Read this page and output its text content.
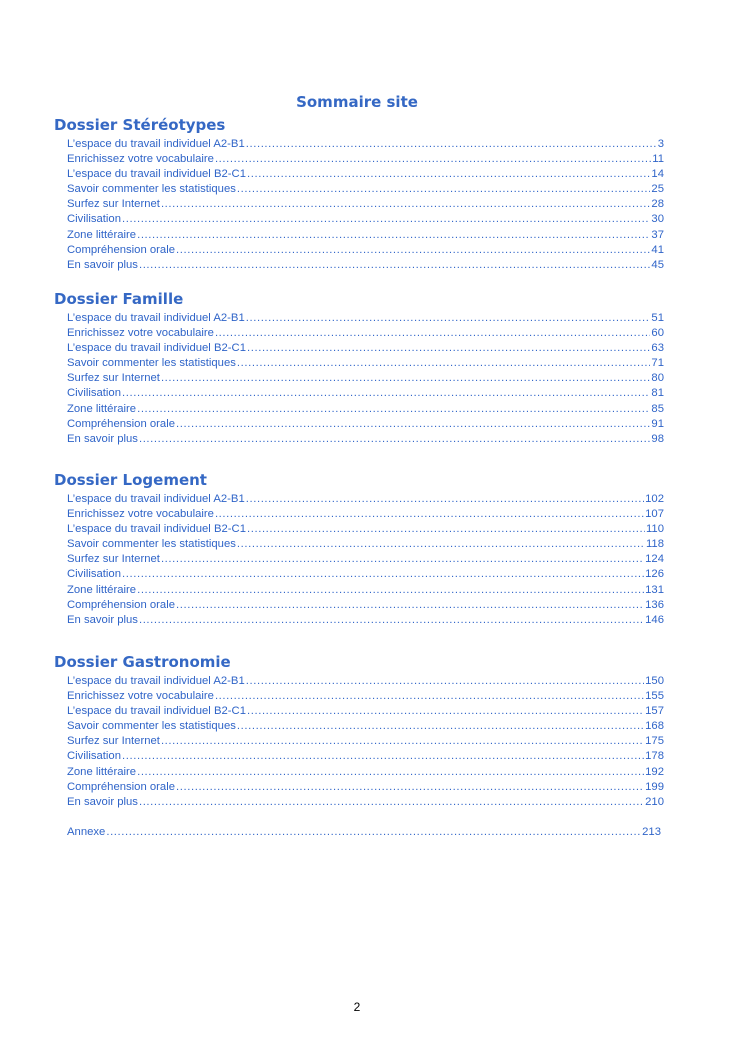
Sommaire site
Dossier Stéréotypes
L’espace du travail individuel A2-B1 .....	3
Enrichissez votre vocabulaire .....	11
L’espace du travail individuel B2-C1 .....	14
Savoir commenter les statistiques .....	25
Surfez sur Internet .....	28
Civilisation .....	30
Zone littéraire .....	37
Compréhension orale .....	41
En savoir plus .....	45
Dossier Famille
L’espace du travail individuel A2-B1 .....	51
Enrichissez votre vocabulaire .....	60
L’espace du travail individuel B2-C1 .....	63
Savoir commenter les statistiques .....	71
Surfez sur Internet .....	80
Civilisation .....	81
Zone littéraire .....	85
Compréhension orale .....	91
En savoir plus .....	98
Dossier Logement
L’espace du travail individuel A2-B1 .....	102
Enrichissez votre vocabulaire .....	107
L’espace du travail individuel B2-C1 .....	110
Savoir commenter les statistiques .....	118
Surfez sur Internet .....	124
Civilisation .....	126
Zone littéraire .....	131
Compréhension orale .....	136
En savoir plus .....	146
Dossier Gastronomie
L’espace du travail individuel A2-B1 .....	150
Enrichissez votre vocabulaire .....	155
L’espace du travail individuel B2-C1 .....	157
Savoir commenter les statistiques .....	168
Surfez sur Internet .....	175
Civilisation .....	178
Zone littéraire .....	192
Compréhension orale .....	199
En savoir plus .....	210
Annexe .....	213
2
